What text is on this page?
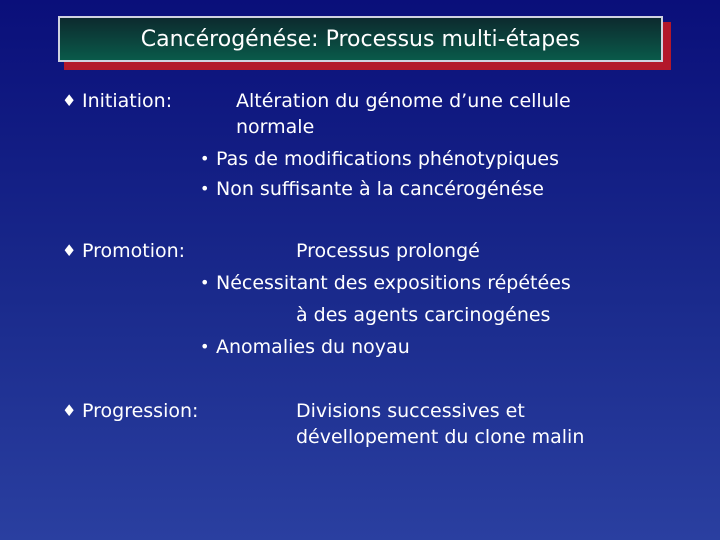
Cancérogénése: Processus multi-étapes
♦ Initiation:	Altération du génome d’une cellule
normale
• Pas de modifications phénotypiques
• Non suffisante à la cancérogénése
♦ Promotion:	Processus prolongé
• Nécessitant des expositions répétées
à des agents carcinogénes
• Anomalies du noyau
♦ Progression:	Divisions successives et
dévellopement du clone malin
